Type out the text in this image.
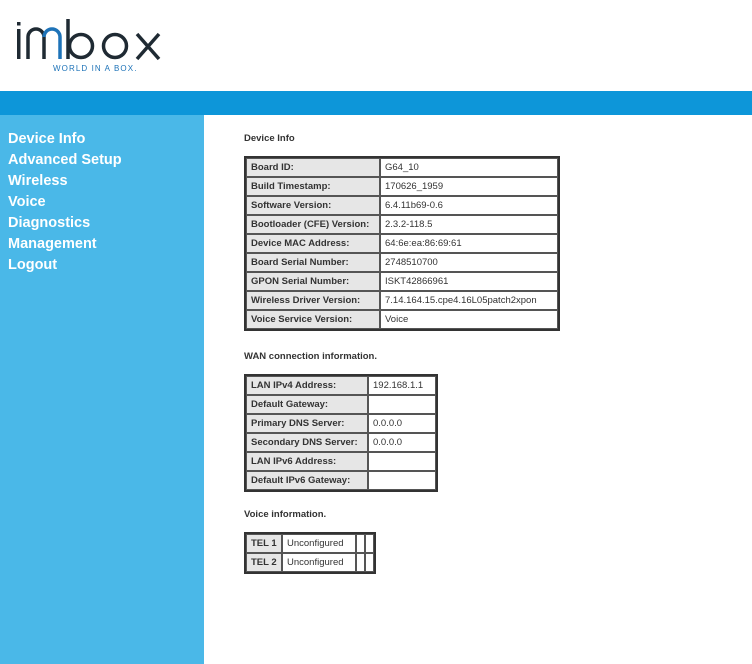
WORLD IN A BOX.
Device Info
Advanced Setup
Wireless
Voice
Diagnostics
Management
Logout
Device Info
Board ID:	G64_10
Build Timestamp:	170626_1959
Software Version:	6.4.11b69-0.6
Bootloader (CFE) Version:	2.3.2-118.5
Device MAC Address:	64:6e:ea:86:69:61
Board Serial Number:	2748510700
GPON Serial Number:	ISKT42866961
Wireless Driver Version:	7.14.164.15.cpe4.16L05patch2xpon
Voice Service Version:	Voice
WAN connection information.
LAN IPv4 Address:	192.168.1.1
Default Gateway:	
Primary DNS Server:	0.0.0.0
Secondary DNS Server:	0.0.0.0
LAN IPv6 Address:	
Default IPv6 Gateway:	
Voice information.
TEL 1	Unconfigured		
TEL 2	Unconfigured		
